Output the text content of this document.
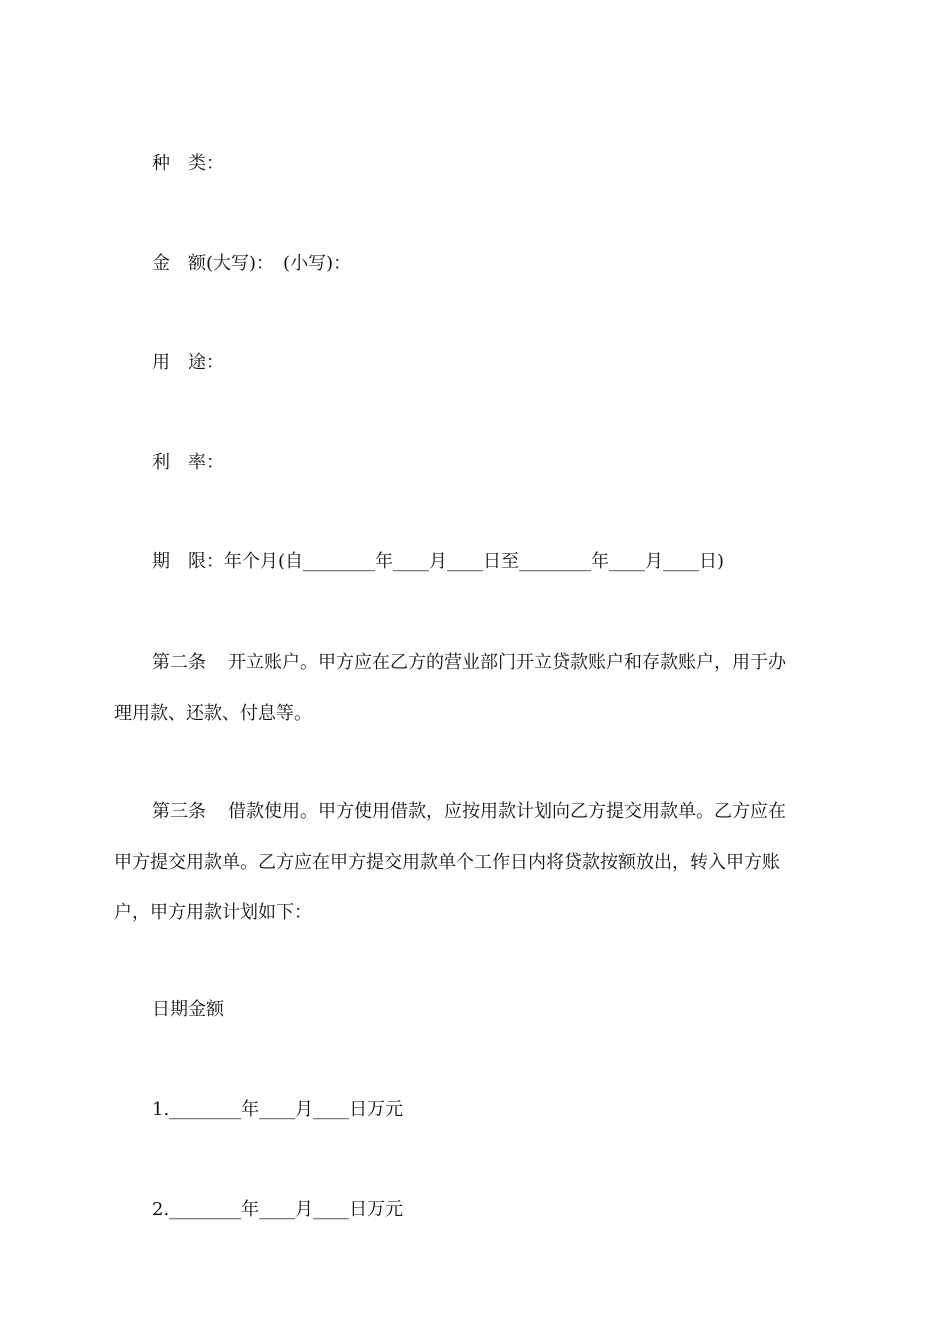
种　类：
金　额(大写)：　(小写)：
用　途：
利　率：
期　限：年个月(自________年____月____日至________年____月____日)
第二条 开立账户。甲方应在乙方的营业部门开立贷款账户和存款账户，用于办
理用款、还款、付息等。
第三条 借款使用。甲方使用借款，应按用款计划向乙方提交用款单。乙方应在
甲方提交用款单。乙方应在甲方提交用款单个工作日内将贷款按额放出，转入甲方账
户，甲方用款计划如下：
日期金额
1.________年____月____日万元
2.________年____月____日万元
